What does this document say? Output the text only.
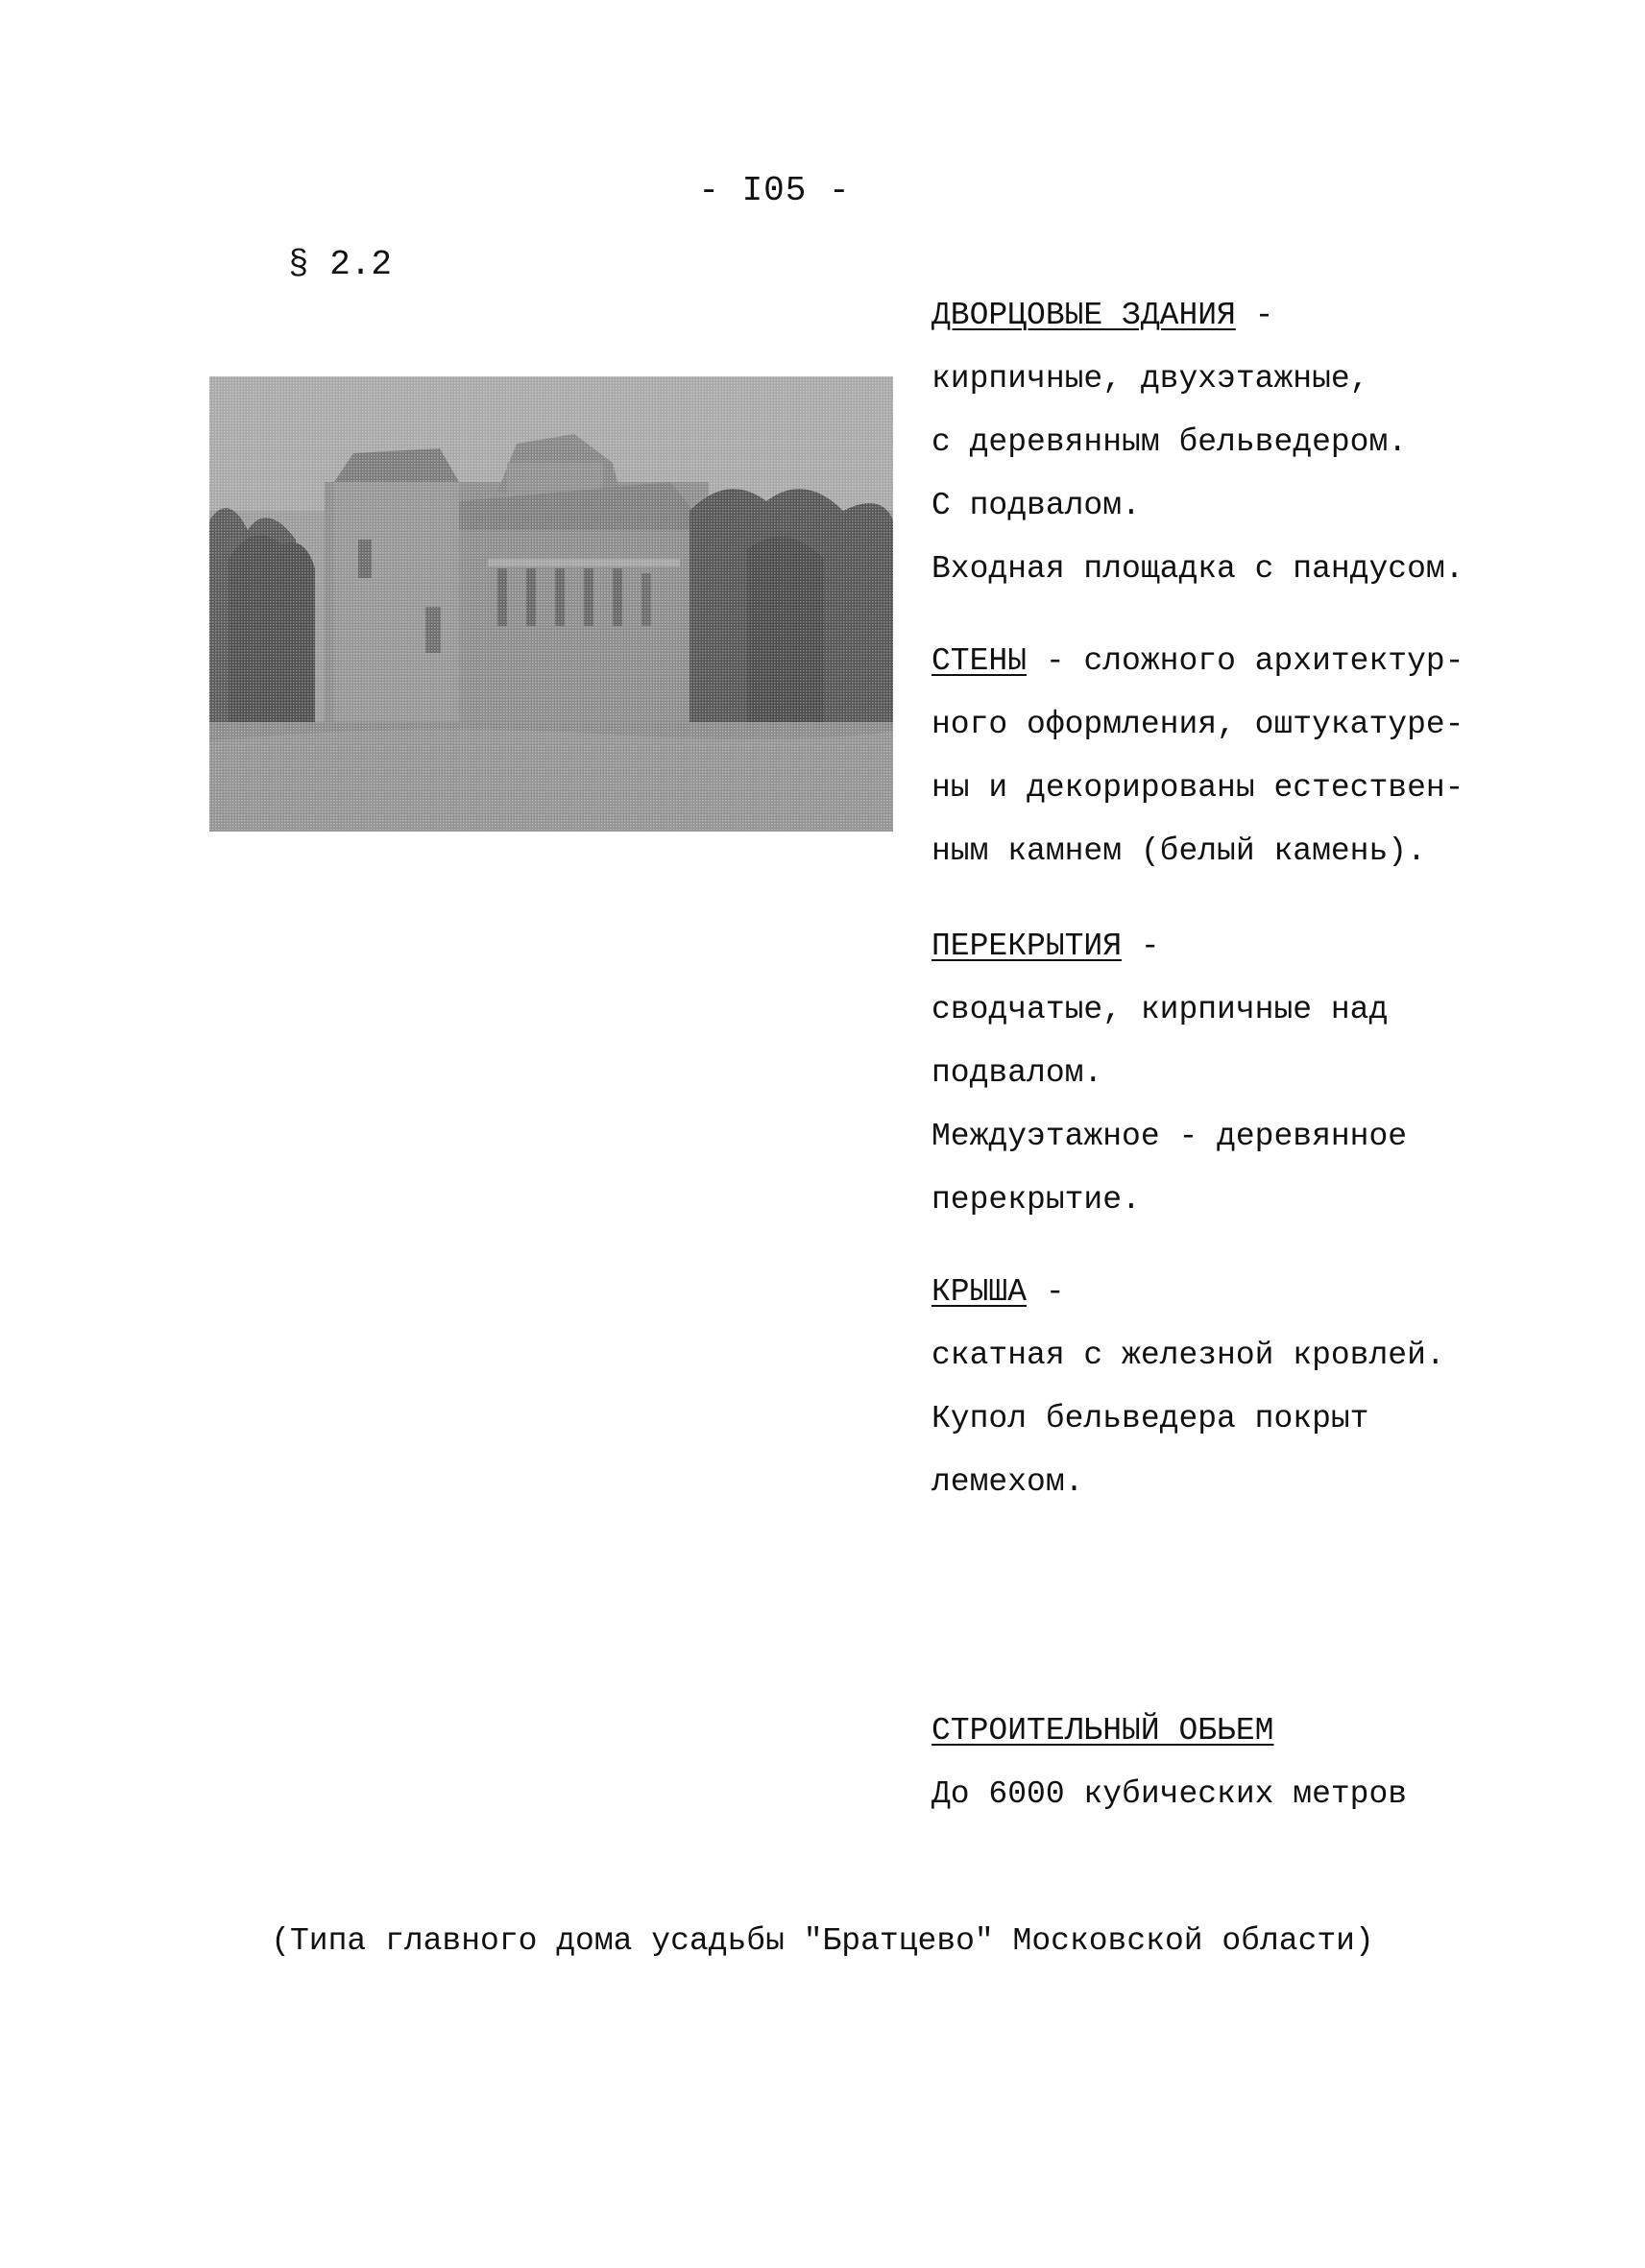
- I05 -
§ 2.2

ДВОРЦОВЫЕ ЗДАНИЯ -

кирпичные, двухэтажные,

с деревянным бельведером.

С подвалом.

Входная площадка с пандусом.

СТЕНЫ - сложного архитектур-

ного оформления, оштукатуре-

ны и декорированы естествен-

ным камнем (белый камень).

ПЕРЕКРЫТИЯ -

сводчатые, кирпичные над

подвалом.

Междуэтажное - деревянное

перекрытие.

КРЫША -

скатная с железной кровлей.

Купол бельведера покрыт

лемехом.

СТРОИТЕЛЬНЫЙ ОБЬЕМ

До 6000 кубических метров

(Типа главного дома усадьбы "Братцево" Московской области)
